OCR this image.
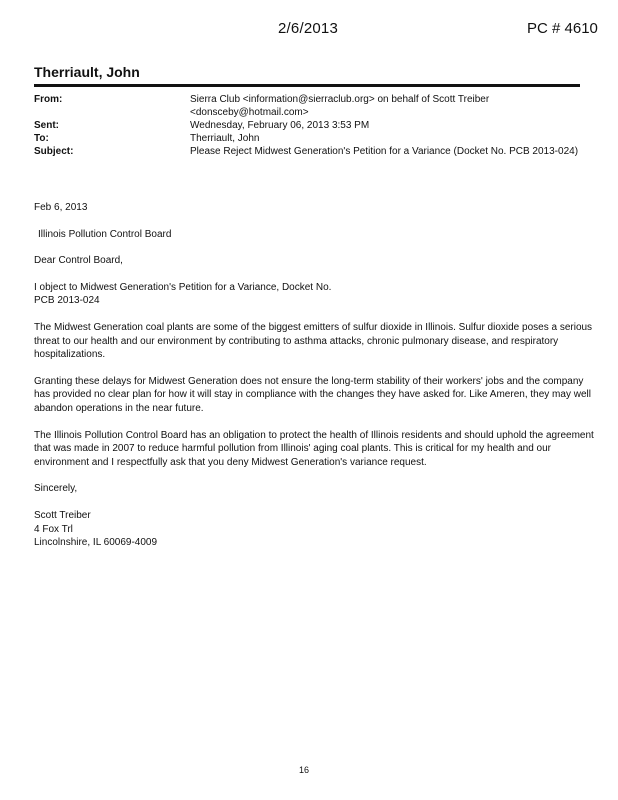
2/6/2013	PC # 4610
Therriault, John
From:	Sierra Club <information@sierraclub.org> on behalf of Scott Treiber
<donsceby@hotmail.com>
Sent:	Wednesday, February 06, 2013 3:53 PM
To:	Therriault, John
Subject:	Please Reject Midwest Generation's Petition for a Variance (Docket No. PCB 2013-024)

Feb 6, 2013

Illinois Pollution Control Board

Dear Control Board,

I object to Midwest Generation's Petition for a Variance, Docket No.
PCB 2013-024

The Midwest Generation coal plants are some of the biggest emitters of sulfur dioxide in Illinois. Sulfur dioxide poses a serious threat to our health and our environment by contributing to asthma attacks, chronic pulmonary disease, and respiratory hospitalizations.

Granting these delays for Midwest Generation does not ensure the long-term stability of their workers' jobs and the company has provided no clear plan for how it will stay in compliance with the changes they have asked for. Like Ameren, they may well abandon operations in the near future.

The Illinois Pollution Control Board has an obligation to protect the health of Illinois residents and should uphold the agreement that was made in 2007 to reduce harmful pollution from Illinois' aging coal plants. This is critical for my health and our environment and I respectfully ask that you deny Midwest Generation's variance request.

Sincerely,

Scott Treiber
4 Fox Trl
Lincolnshire, IL 60069-4009
16
